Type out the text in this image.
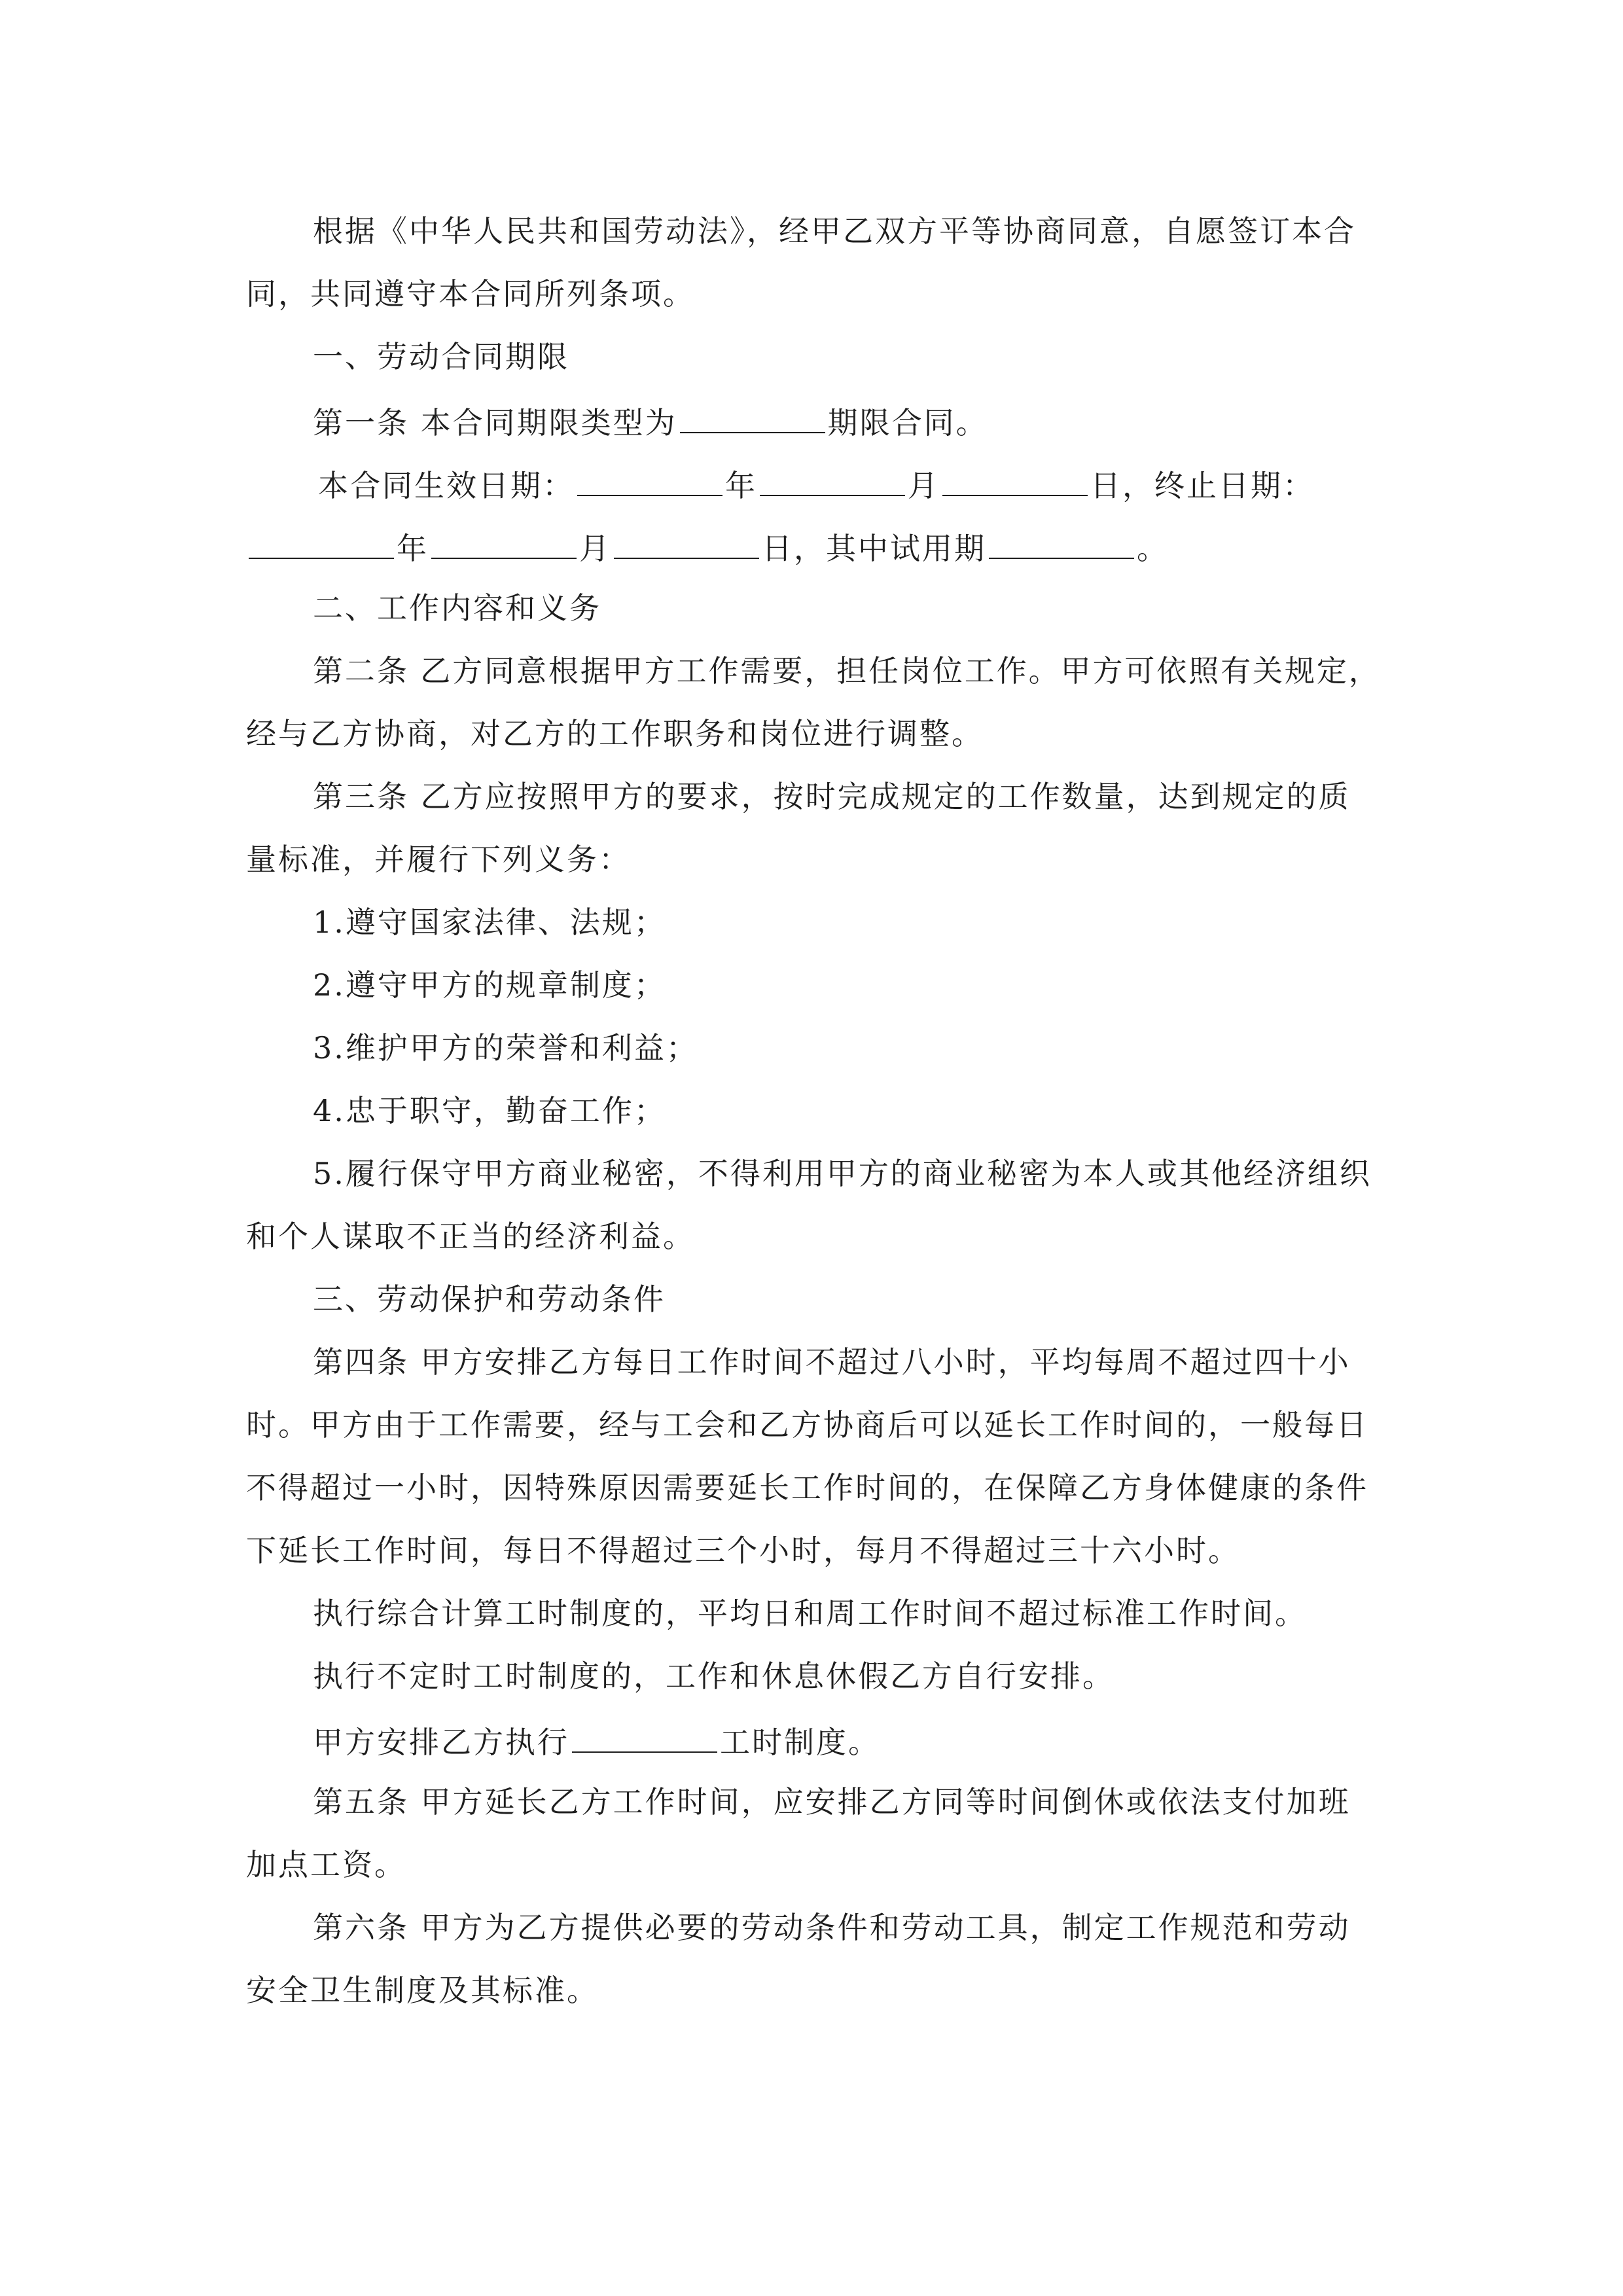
根据《中华人民共和国劳动法》，经甲乙双方平等协商同意，自愿签订本合
同，共同遵守本合同所列条项。
一、劳动合同期限
第一条 本合同期限类型为	期限合同。
本合同生效日期：	年	月	日，终止日期：
年	月	日，其中试用期	。
二、工作内容和义务
第二条 乙方同意根据甲方工作需要，担任岗位工作。甲方可依照有关规定，
经与乙方协商，对乙方的工作职务和岗位进行调整。
第三条 乙方应按照甲方的要求，按时完成规定的工作数量，达到规定的质
量标准，并履行下列义务：
1.遵守国家法律、法规；
2.遵守甲方的规章制度；
3.维护甲方的荣誉和利益；
4.忠于职守，勤奋工作；
5.履行保守甲方商业秘密，不得利用甲方的商业秘密为本人或其他经济组织
和个人谋取不正当的经济利益。
三、劳动保护和劳动条件
第四条 甲方安排乙方每日工作时间不超过八小时，平均每周不超过四十小
时。甲方由于工作需要，经与工会和乙方协商后可以延长工作时间的，一般每日
不得超过一小时，因特殊原因需要延长工作时间的，在保障乙方身体健康的条件
下延长工作时间，每日不得超过三个小时，每月不得超过三十六小时。
执行综合计算工时制度的，平均日和周工作时间不超过标准工作时间。
执行不定时工时制度的，工作和休息休假乙方自行安排。
甲方安排乙方执行	工时制度。
第五条 甲方延长乙方工作时间，应安排乙方同等时间倒休或依法支付加班
加点工资。
第六条 甲方为乙方提供必要的劳动条件和劳动工具，制定工作规范和劳动
安全卫生制度及其标准。
